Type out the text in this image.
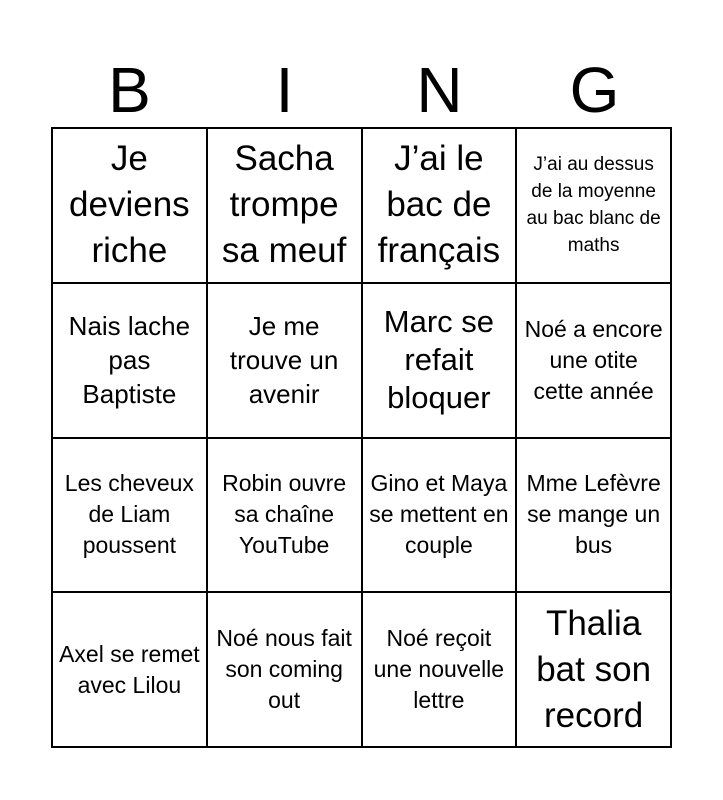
B	I	N	G
Je deviens riche
Sacha trompe sa meuf
J’ai le bac de français
J’ai au dessus de la moyenne au bac blanc de maths
Nais lache pas Baptiste
Je me trouve un avenir
Marc se refait bloquer
Noé a encore une otite cette année
Les cheveux de Liam poussent
Robin ouvre sa chaîne YouTube
Gino et Maya se mettent en couple
Mme Lefèvre se mange un bus
Axel se remet avec Lilou
Noé nous fait son coming out
Noé reçoit une nouvelle lettre
Thalia bat son record
